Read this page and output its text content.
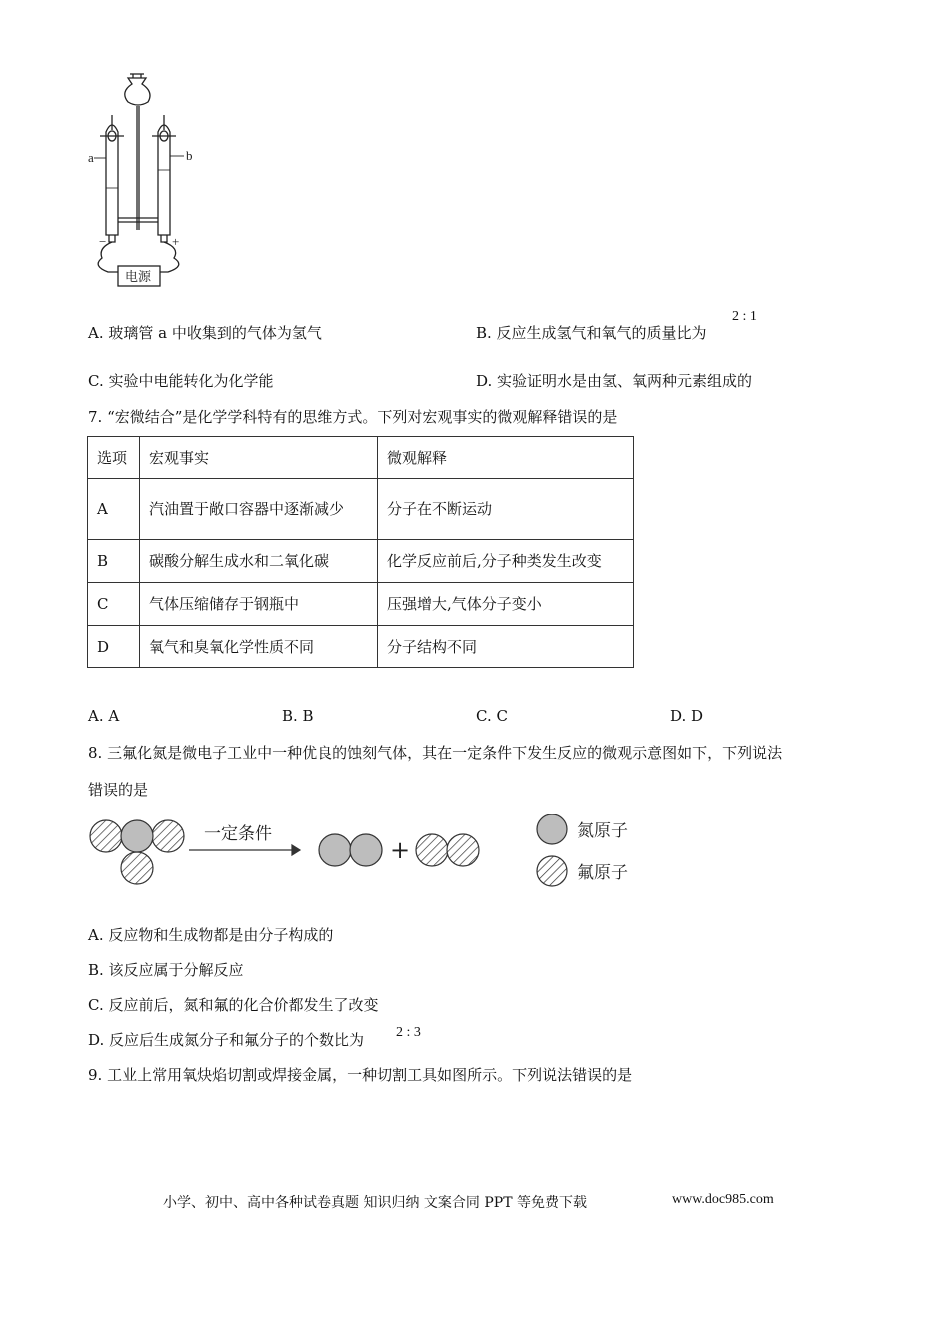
a	b
−	+
电源
A. 玻璃管 a 中收集到的气体为氢气	B. 反应生成氢气和氧气的质量比为
2 : 1
C. 实验中电能转化为化学能	D. 实验证明水是由氢、氧两种元素组成的
7. “宏微结合”是化学学科特有的思维方式。下列对宏观事实的微观解释错误的是
选项	宏观事实	微观解释
A	汽油置于敞口容器中逐渐减少	分子在不断运动
B	碳酸分解生成水和二氧化碳	化学反应前后,分子种类发生改变
C	气体压缩储存于钢瓶中	压强增大,气体分子变小
D	氧气和臭氧化学性质不同	分子结构不同
A. A	B. B	C. C	D. D
8. 三氟化氮是微电子工业中一种优良的蚀刻气体，其在一定条件下发生反应的微观示意图如下，下列说法
错误的是
一定条件
+
氮原子
氟原子
A. 反应物和生成物都是由分子构成的
B. 该反应属于分解反应
C. 反应前后，氮和氟的化合价都发生了改变
D. 反应后生成氮分子和氟分子的个数比为 2 : 3
9. 工业上常用氧炔焰切割或焊接金属，一种切割工具如图所示。下列说法错误的是
小学、初中、高中各种试卷真题 知识归纳 文案合同 PPT 等免费下载	www.doc985.com
